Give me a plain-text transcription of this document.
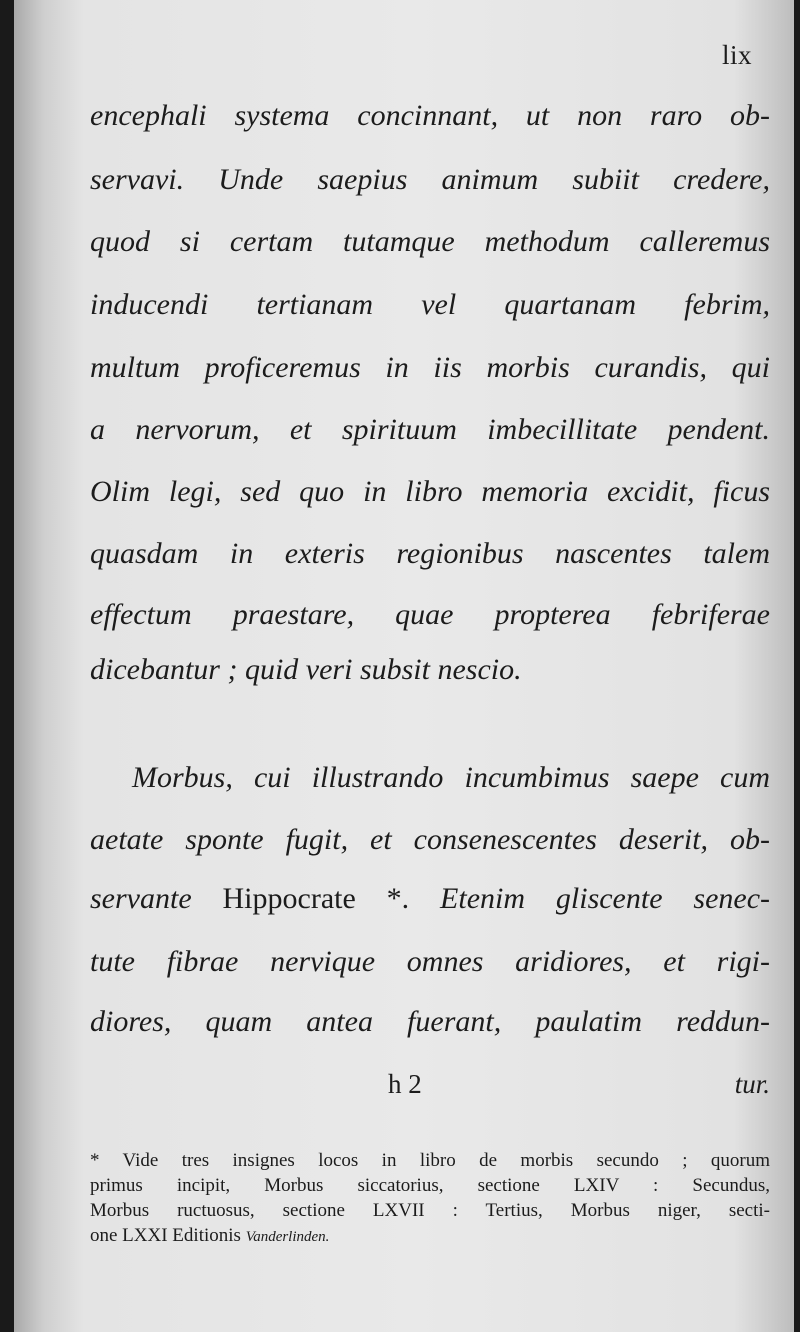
lix
encephali systema concinnant, ut non raro ob-
servavi. Unde saepius animum subiit credere,
quod si certam tutamque methodum calleremus
inducendi tertianam vel quartanam febrim,
multum proficeremus in iis morbis curandis, qui
a nervorum, et spirituum imbecillitate pendent.
Olim legi, sed quo in libro memoria excidit, ficus
quasdam in exteris regionibus nascentes talem
effectum praestare, quae propterea febriferae
dicebantur ; quid veri subsit nescio.
Morbus, cui illustrando incumbimus saepe cum
aetate sponte fugit, et consenescentes deserit, ob-
servante Hippocrate *. Etenim gliscente senec-
tute fibrae nervique omnes aridiores, et rigi-
diores, quam antea fuerant, paulatim reddun-
h 2	tur.
* Vide tres insignes locos in libro de morbis secundo ; quorum
primus incipit, Morbus siccatorius, sectione LXIV : Secundus,
Morbus ructuosus, sectione LXVII : Tertius, Morbus niger, secti-
one LXXI Editionis Vanderlinden.
